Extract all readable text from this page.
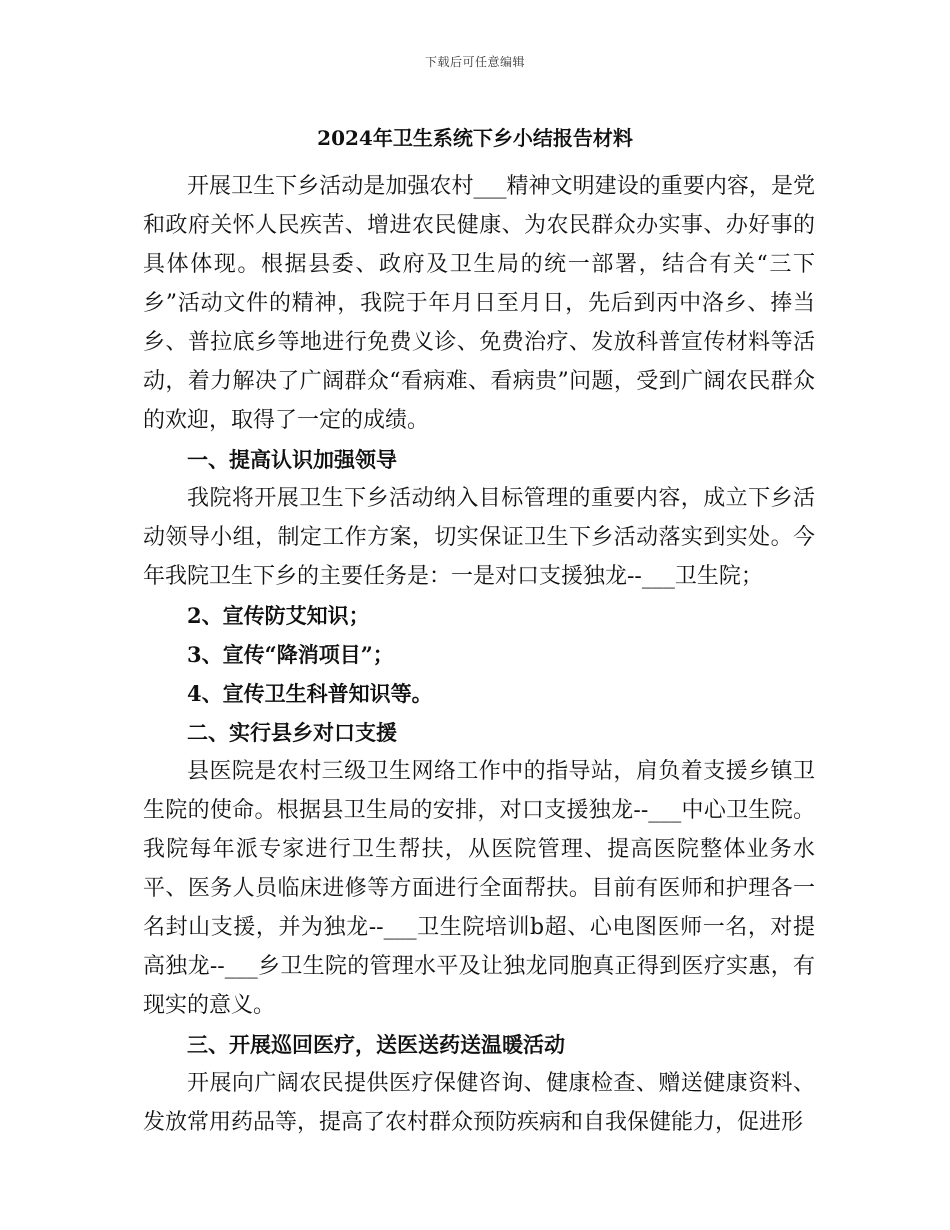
下载后可任意编辑
2024年卫生系统下乡小结报告材料

开展卫生下乡活动是加强农村___精神文明建设的重要内容，是党和政府关怀人民疾苦、增进农民健康、为农民群众办实事、办好事的具体体现。根据县委、政府及卫生局的统一部署，结合有关“三下乡”活动文件的精神，我院于年月日至月日，先后到丙中洛乡、捧当乡、普拉底乡等地进行免费义诊、免费治疗、发放科普宣传材料等活动，着力解决了广阔群众“看病难、看病贵”问题，受到广阔农民群众的欢迎，取得了一定的成绩。

一、提高认识加强领导

我院将开展卫生下乡活动纳入目标管理的重要内容，成立下乡活动领导小组，制定工作方案，切实保证卫生下乡活动落实到实处。今年我院卫生下乡的主要任务是：一是对口支援独龙--___卫生院；

2、宣传防艾知识；

3、宣传“降消项目”；

4、宣传卫生科普知识等。

二、实行县乡对口支援

县医院是农村三级卫生网络工作中的指导站，肩负着支援乡镇卫生院的使命。根据县卫生局的安排，对口支援独龙--___中心卫生院。我院每年派专家进行卫生帮扶，从医院管理、提高医院整体业务水平、医务人员临床进修等方面进行全面帮扶。目前有医师和护理各一名封山支援，并为独龙--___卫生院培训b超、心电图医师一名，对提高独龙--___乡卫生院的管理水平及让独龙同胞真正得到医疗实惠，有现实的意义。

三、开展巡回医疗，送医送药送温暖活动

开展向广阔农民提供医疗保健咨询、健康检查、赠送健康资料、发放常用药品等，提高了农村群众预防疾病和自我保健能力，促进形
